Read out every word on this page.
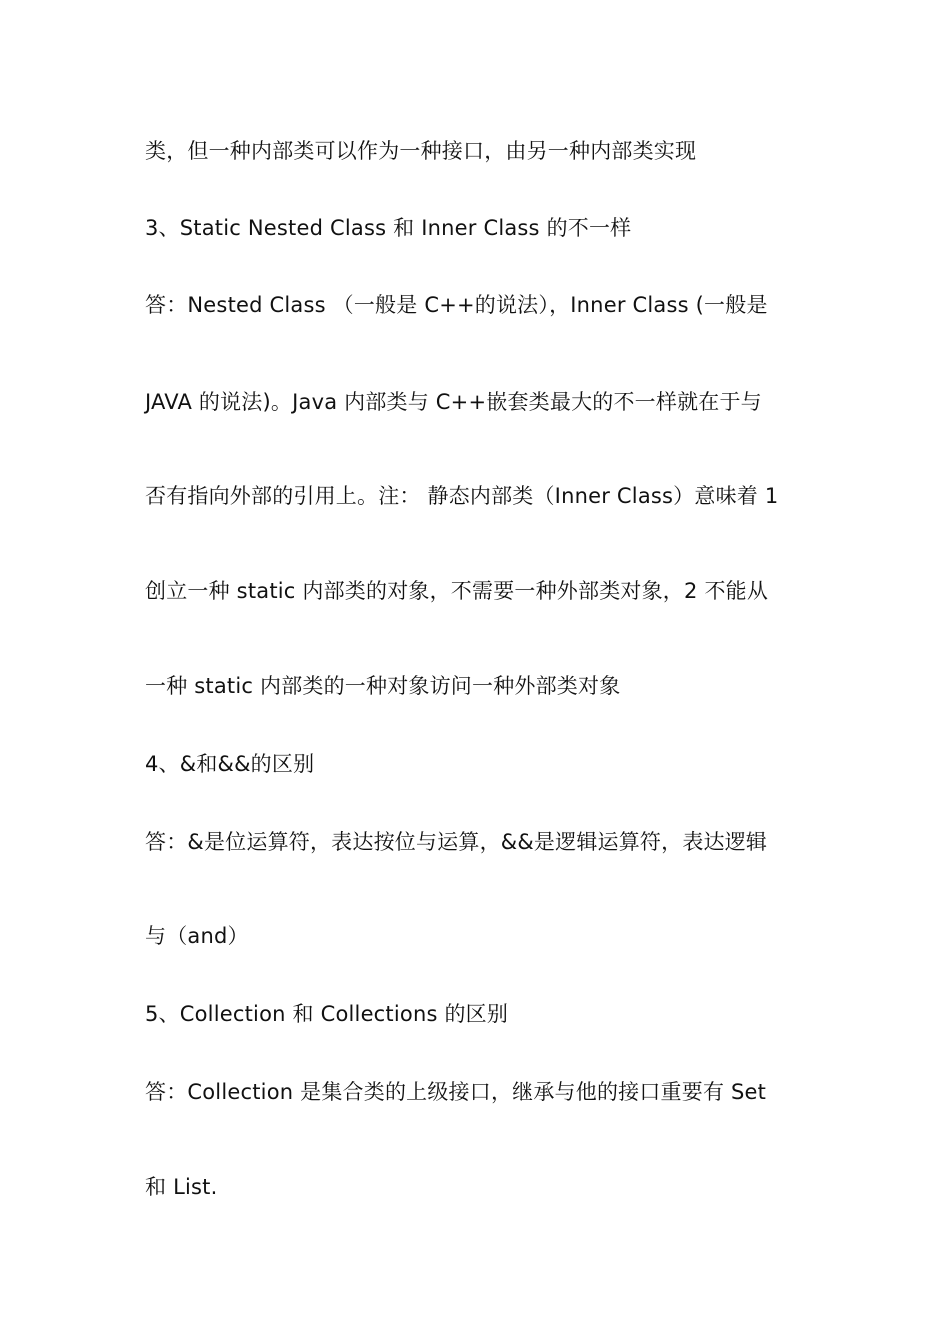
类，但一种内部类可以作为一种接口，由另一种内部类实现
3、Static Nested Class 和 Inner Class 的不一样
答：Nested Class （一般是 C++的说法），Inner Class (一般是
JAVA 的说法)。Java 内部类与 C++嵌套类最大的不一样就在于与
否有指向外部的引用上。注： 静态内部类（Inner Class）意味着 1
创立一种 static 内部类的对象，不需要一种外部类对象，2 不能从
一种 static 内部类的一种对象访问一种外部类对象
4、&和&&的区别
答：&是位运算符，表达按位与运算，&&是逻辑运算符，表达逻辑
与（and）
5、Collection 和 Collections 的区别
答：Collection 是集合类的上级接口，继承与他的接口重要有 Set
和 List.
